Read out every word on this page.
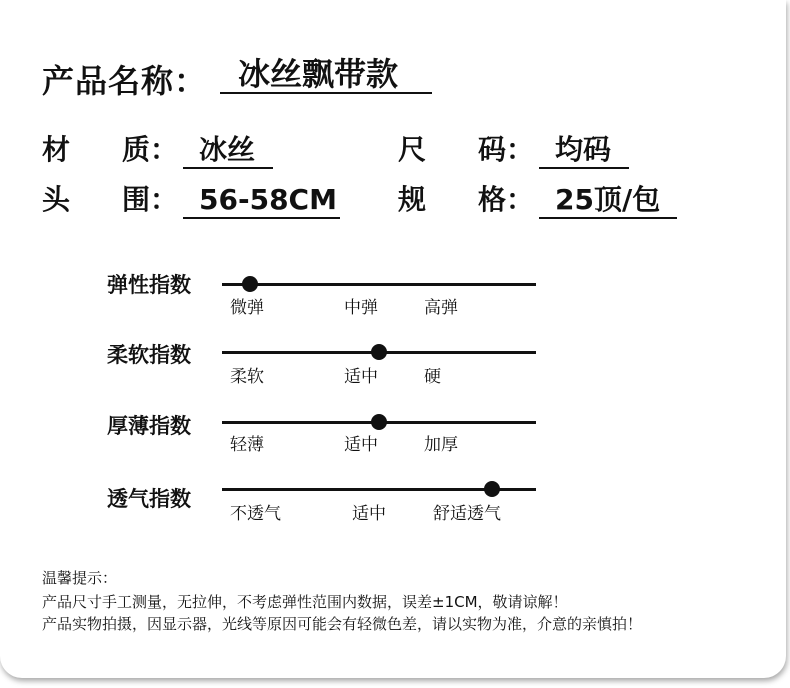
产品名称： 冰丝飘带款
材 质 ： 冰丝	尺 码 ： 均码
头 围 ： 56-58CM 规 格 ： 25顶/包
弹性指数
微弹	中弹	高弹
柔软指数
柔软	适中	硬
厚薄指数
轻薄	适中	加厚
透气指数
不透气	适中	舒适透气
温馨提示：
产品尺寸手工测量，无拉伸，不考虑弹性范围内数据，误差±1CM，敬请谅解！
产品实物拍摄，因显示器，光线等原因可能会有轻微色差，请以实物为准，介意的亲慎拍！
